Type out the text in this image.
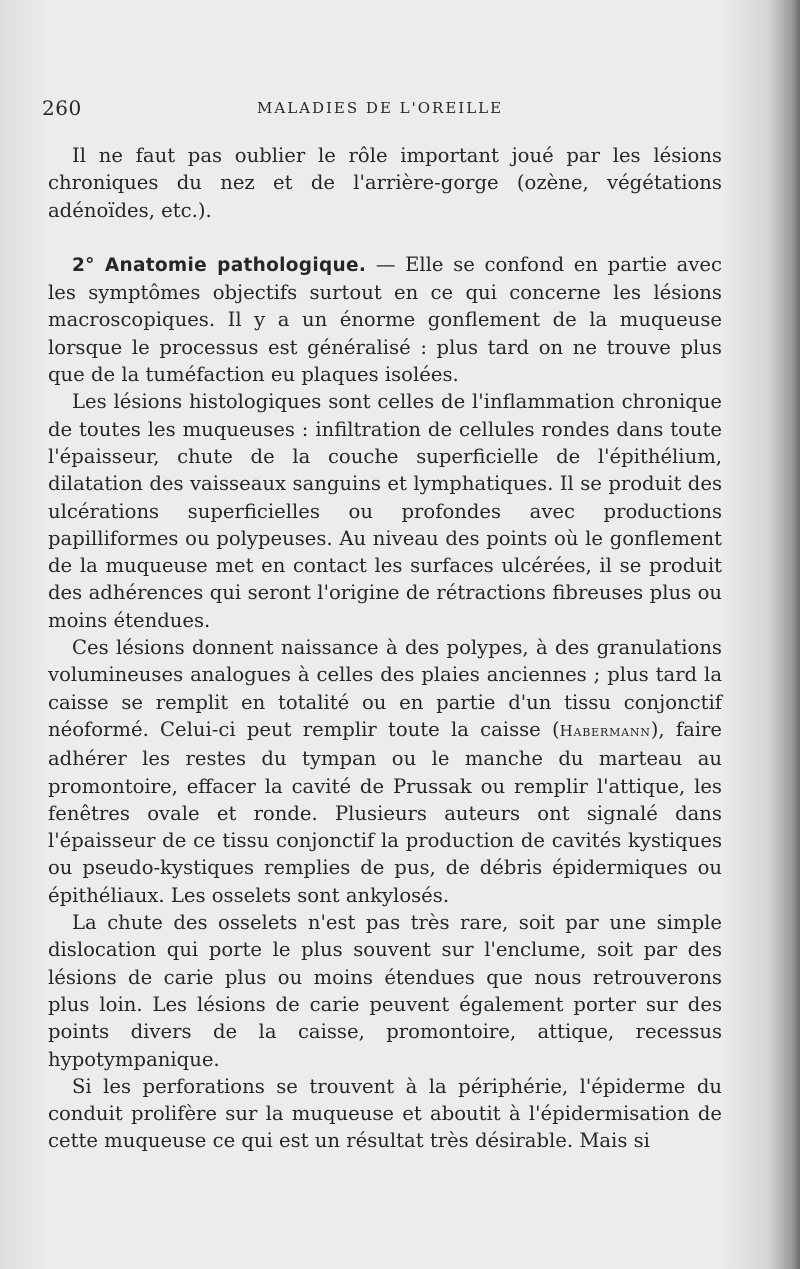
260	MALADIES DE L'OREILLE

Il ne faut pas oublier le rôle important joué par les lésions chroniques du nez et de l'arrière-gorge (ozène, végétations adénoïdes, etc.).

2° Anatomie pathologique. — Elle se confond en partie avec les symptômes objectifs surtout en ce qui concerne les lésions macroscopiques. Il y a un énorme gonflement de la muqueuse lorsque le processus est généralisé : plus tard on ne trouve plus que de la tuméfaction eu plaques isolées.

Les lésions histologiques sont celles de l'inflammation chronique de toutes les muqueuses : infiltration de cellules rondes dans toute l'épaisseur, chute de la couche superficielle de l'épithélium, dilatation des vaisseaux sanguins et lymphatiques. Il se produit des ulcérations superficielles ou profondes avec productions papilliformes ou polypeuses. Au niveau des points où le gonflement de la muqueuse met en contact les surfaces ulcérées, il se produit des adhérences qui seront l'origine de rétractions fibreuses plus ou moins étendues.

Ces lésions donnent naissance à des polypes, à des granulations volumineuses analogues à celles des plaies anciennes ; plus tard la caisse se remplit en totalité ou en partie d'un tissu conjonctif néoformé. Celui-ci peut remplir toute la caisse (Habermann), faire adhérer les restes du tympan ou le manche du marteau au promontoire, effacer la cavité de Prussak ou remplir l'attique, les fenêtres ovale et ronde. Plusieurs auteurs ont signalé dans l'épaisseur de ce tissu conjonctif la production de cavités kystiques ou pseudo-kystiques remplies de pus, de débris épidermiques ou épithéliaux. Les osselets sont ankylosés.

La chute des osselets n'est pas très rare, soit par une simple dislocation qui porte le plus souvent sur l'enclume, soit par des lésions de carie plus ou moins étendues que nous retrouverons plus loin. Les lésions de carie peuvent également porter sur des points divers de la caisse, promontoire, attique, recessus hypotympanique.

Si les perforations se trouvent à la périphérie, l'épiderme du conduit prolifère sur la muqueuse et aboutit à l'épidermisation de cette muqueuse ce qui est un résultat très désirable. Mais si
